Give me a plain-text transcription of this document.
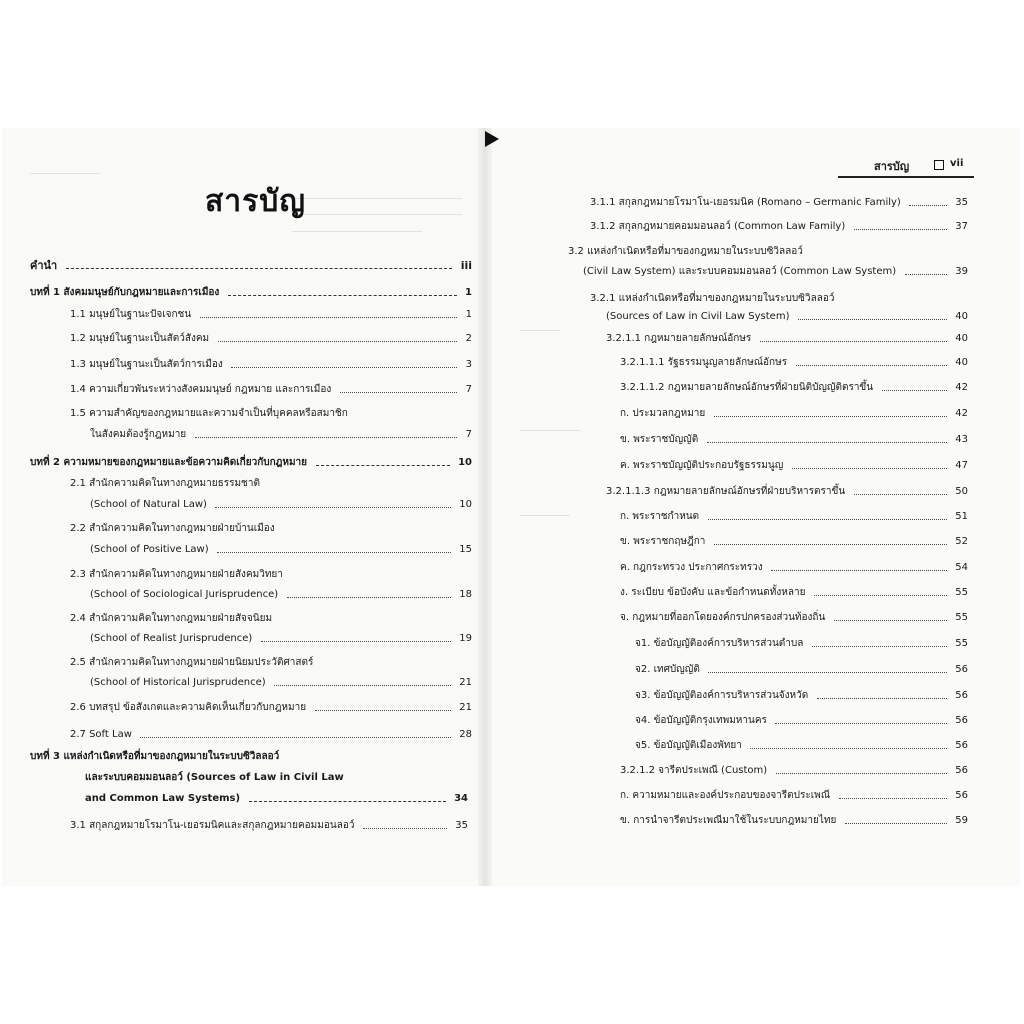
สารบัญ
คำนำ	iii
บทที่ 1 สังคมมนุษย์กับกฎหมายและการเมือง	1
1.1 มนุษย์ในฐานะปัจเจกชน	1
1.2 มนุษย์ในฐานะเป็นสัตว์สังคม	2
1.3 มนุษย์ในฐานะเป็นสัตว์การเมือง	3
1.4 ความเกี่ยวพันระหว่างสังคมมนุษย์ กฎหมาย และการเมือง	7
1.5 ความสำคัญของกฎหมายและความจำเป็นที่บุคคลหรือสมาชิก
ในสังคมต้องรู้กฎหมาย	7
บทที่ 2 ความหมายของกฎหมายและข้อความคิดเกี่ยวกับกฎหมาย	10
2.1 สำนักความคิดในทางกฎหมายธรรมชาติ
(School of Natural Law)	10
2.2 สำนักความคิดในทางกฎหมายฝ่ายบ้านเมือง
(School of Positive Law)	15
2.3 สำนักความคิดในทางกฎหมายฝ่ายสังคมวิทยา
(School of Sociological Jurisprudence)	18
2.4 สำนักความคิดในทางกฎหมายฝ่ายสัจจนิยม
(School of Realist Jurisprudence)	19
2.5 สำนักความคิดในทางกฎหมายฝ่ายนิยมประวัติศาสตร์
(School of Historical Jurisprudence)	21
2.6 บทสรุป ข้อสังเกตและความคิดเห็นเกี่ยวกับกฎหมาย	21
2.7 Soft Law	28
บทที่ 3 แหล่งกำเนิดหรือที่มาของกฎหมายในระบบซิวิลลอว์
และระบบคอมมอนลอว์ (Sources of Law in Civil Law
and Common Law Systems)	34
3.1 สกุลกฎหมายโรมาโน-เยอรมนิคและสกุลกฎหมายคอมมอนลอว์	35
สารบัญ	vii
3.1.1 สกุลกฎหมายโรมาโน-เยอรมนิค (Romano – Germanic Family)	35
3.1.2 สกุลกฎหมายคอมมอนลอว์ (Common Law Family)	37
3.2 แหล่งกำเนิดหรือที่มาของกฎหมายในระบบซิวิลลอว์
(Civil Law System) และระบบคอมมอนลอว์ (Common Law System)	39
3.2.1 แหล่งกำเนิดหรือที่มาของกฎหมายในระบบซิวิลลอว์
(Sources of Law in Civil Law System)	40
3.2.1.1 กฎหมายลายลักษณ์อักษร	40
3.2.1.1.1 รัฐธรรมนูญลายลักษณ์อักษร	40
3.2.1.1.2 กฎหมายลายลักษณ์อักษรที่ฝ่ายนิติบัญญัติตราขึ้น	42
ก. ประมวลกฎหมาย	42
ข. พระราชบัญญัติ	43
ค. พระราชบัญญัติประกอบรัฐธรรมนูญ	47
3.2.1.1.3 กฎหมายลายลักษณ์อักษรที่ฝ่ายบริหารตราขึ้น	50
ก. พระราชกำหนด	51
ข. พระราชกฤษฎีกา	52
ค. กฎกระทรวง ประกาศกระทรวง	54
ง. ระเบียบ ข้อบังคับ และข้อกำหนดทั้งหลาย	55
จ. กฎหมายที่ออกโดยองค์กรปกครองส่วนท้องถิ่น	55
จ1. ข้อบัญญัติองค์การบริหารส่วนตำบล	55
จ2. เทศบัญญัติ	56
จ3. ข้อบัญญัติองค์การบริหารส่วนจังหวัด	56
จ4. ข้อบัญญัติกรุงเทพมหานคร	56
จ5. ข้อบัญญัติเมืองพัทยา	56
3.2.1.2 จารีตประเพณี (Custom)	56
ก. ความหมายและองค์ประกอบของจารีตประเพณี	56
ข. การนำจารีตประเพณีมาใช้ในระบบกฎหมายไทย	59
